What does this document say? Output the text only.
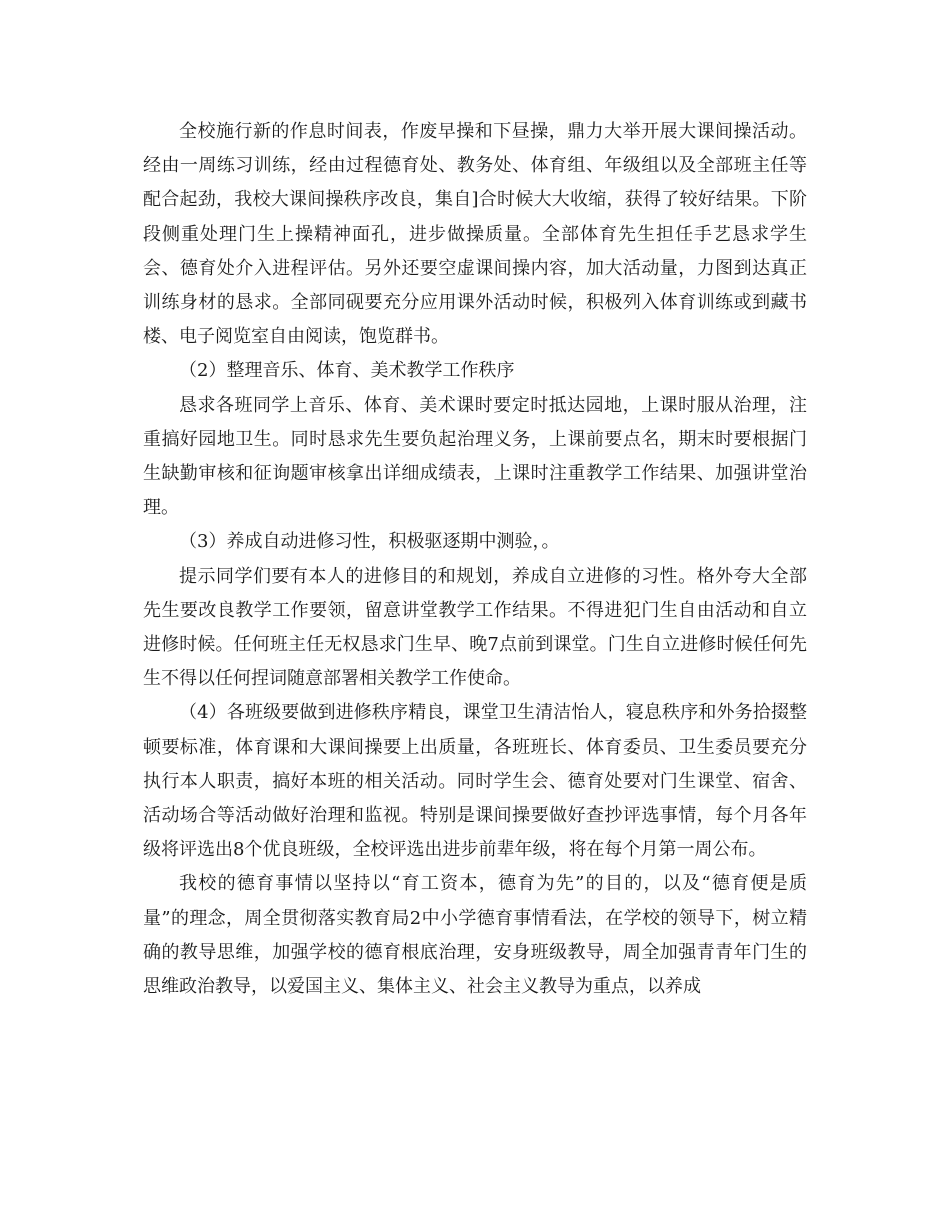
全校施行新的作息时间表，作废早操和下昼操，鼎力大举开展大课间操活动。经由一周练习训练，经由过程德育处、教务处、体育组、年级组以及全部班主任等配合起劲，我校大课间操秩序改良，集自]合时候大大收缩，获得了较好结果。下阶段侧重处理门生上操精神面孔，进步做操质量。全部体育先生担任手艺恳求学生会、德育处介入进程评估。另外还要空虚课间操内容，加大活动量，力图到达真正训练身材的恳求。全部同砚要充分应用课外活动时候，积极列入体育训练或到藏书楼、电子阅览室自由阅读，饱览群书。

（2）整理音乐、体育、美术教学工作秩序

恳求各班同学上音乐、体育、美术课时要定时抵达园地，上课时服从治理，注重搞好园地卫生。同时恳求先生要负起治理义务，上课前要点名，期末时要根据门生缺勤审核和征询题审核拿出详细成绩表，上课时注重教学工作结果、加强讲堂治理。

（3）养成自动进修习性，积极驱逐期中测验，。

提示同学们要有本人的进修目的和规划，养成自立进修的习性。格外夸大全部先生要改良教学工作要领，留意讲堂教学工作结果。不得进犯门生自由活动和自立进修时候。任何班主任无权恳求门生早、晚7点前到课堂。门生自立进修时候任何先生不得以任何捏词随意部署相关教学工作使命。

（4）各班级要做到进修秩序精良，课堂卫生清洁怡人，寝息秩序和外务拾掇整顿要标准，体育课和大课间操要上出质量，各班班长、体育委员、卫生委员要充分执行本人职责，搞好本班的相关活动。同时学生会、德育处要对门生课堂、宿舍、活动场合等活动做好治理和监视。特别是课间操要做好查抄评选事情，每个月各年级将评选出8个优良班级，全校评选出进步前辈年级，将在每个月第一周公布。

我校的德育事情以坚持以“育工资本，德育为先”的目的，以及“德育便是质量”的理念，周全贯彻落实教育局2中小学德育事情看法，在学校的领导下，树立精确的教导思维，加强学校的德育根底治理，安身班级教导，周全加强青青年门生的思维政治教导，以爱国主义、集体主义、社会主义教导为重点，以养成
